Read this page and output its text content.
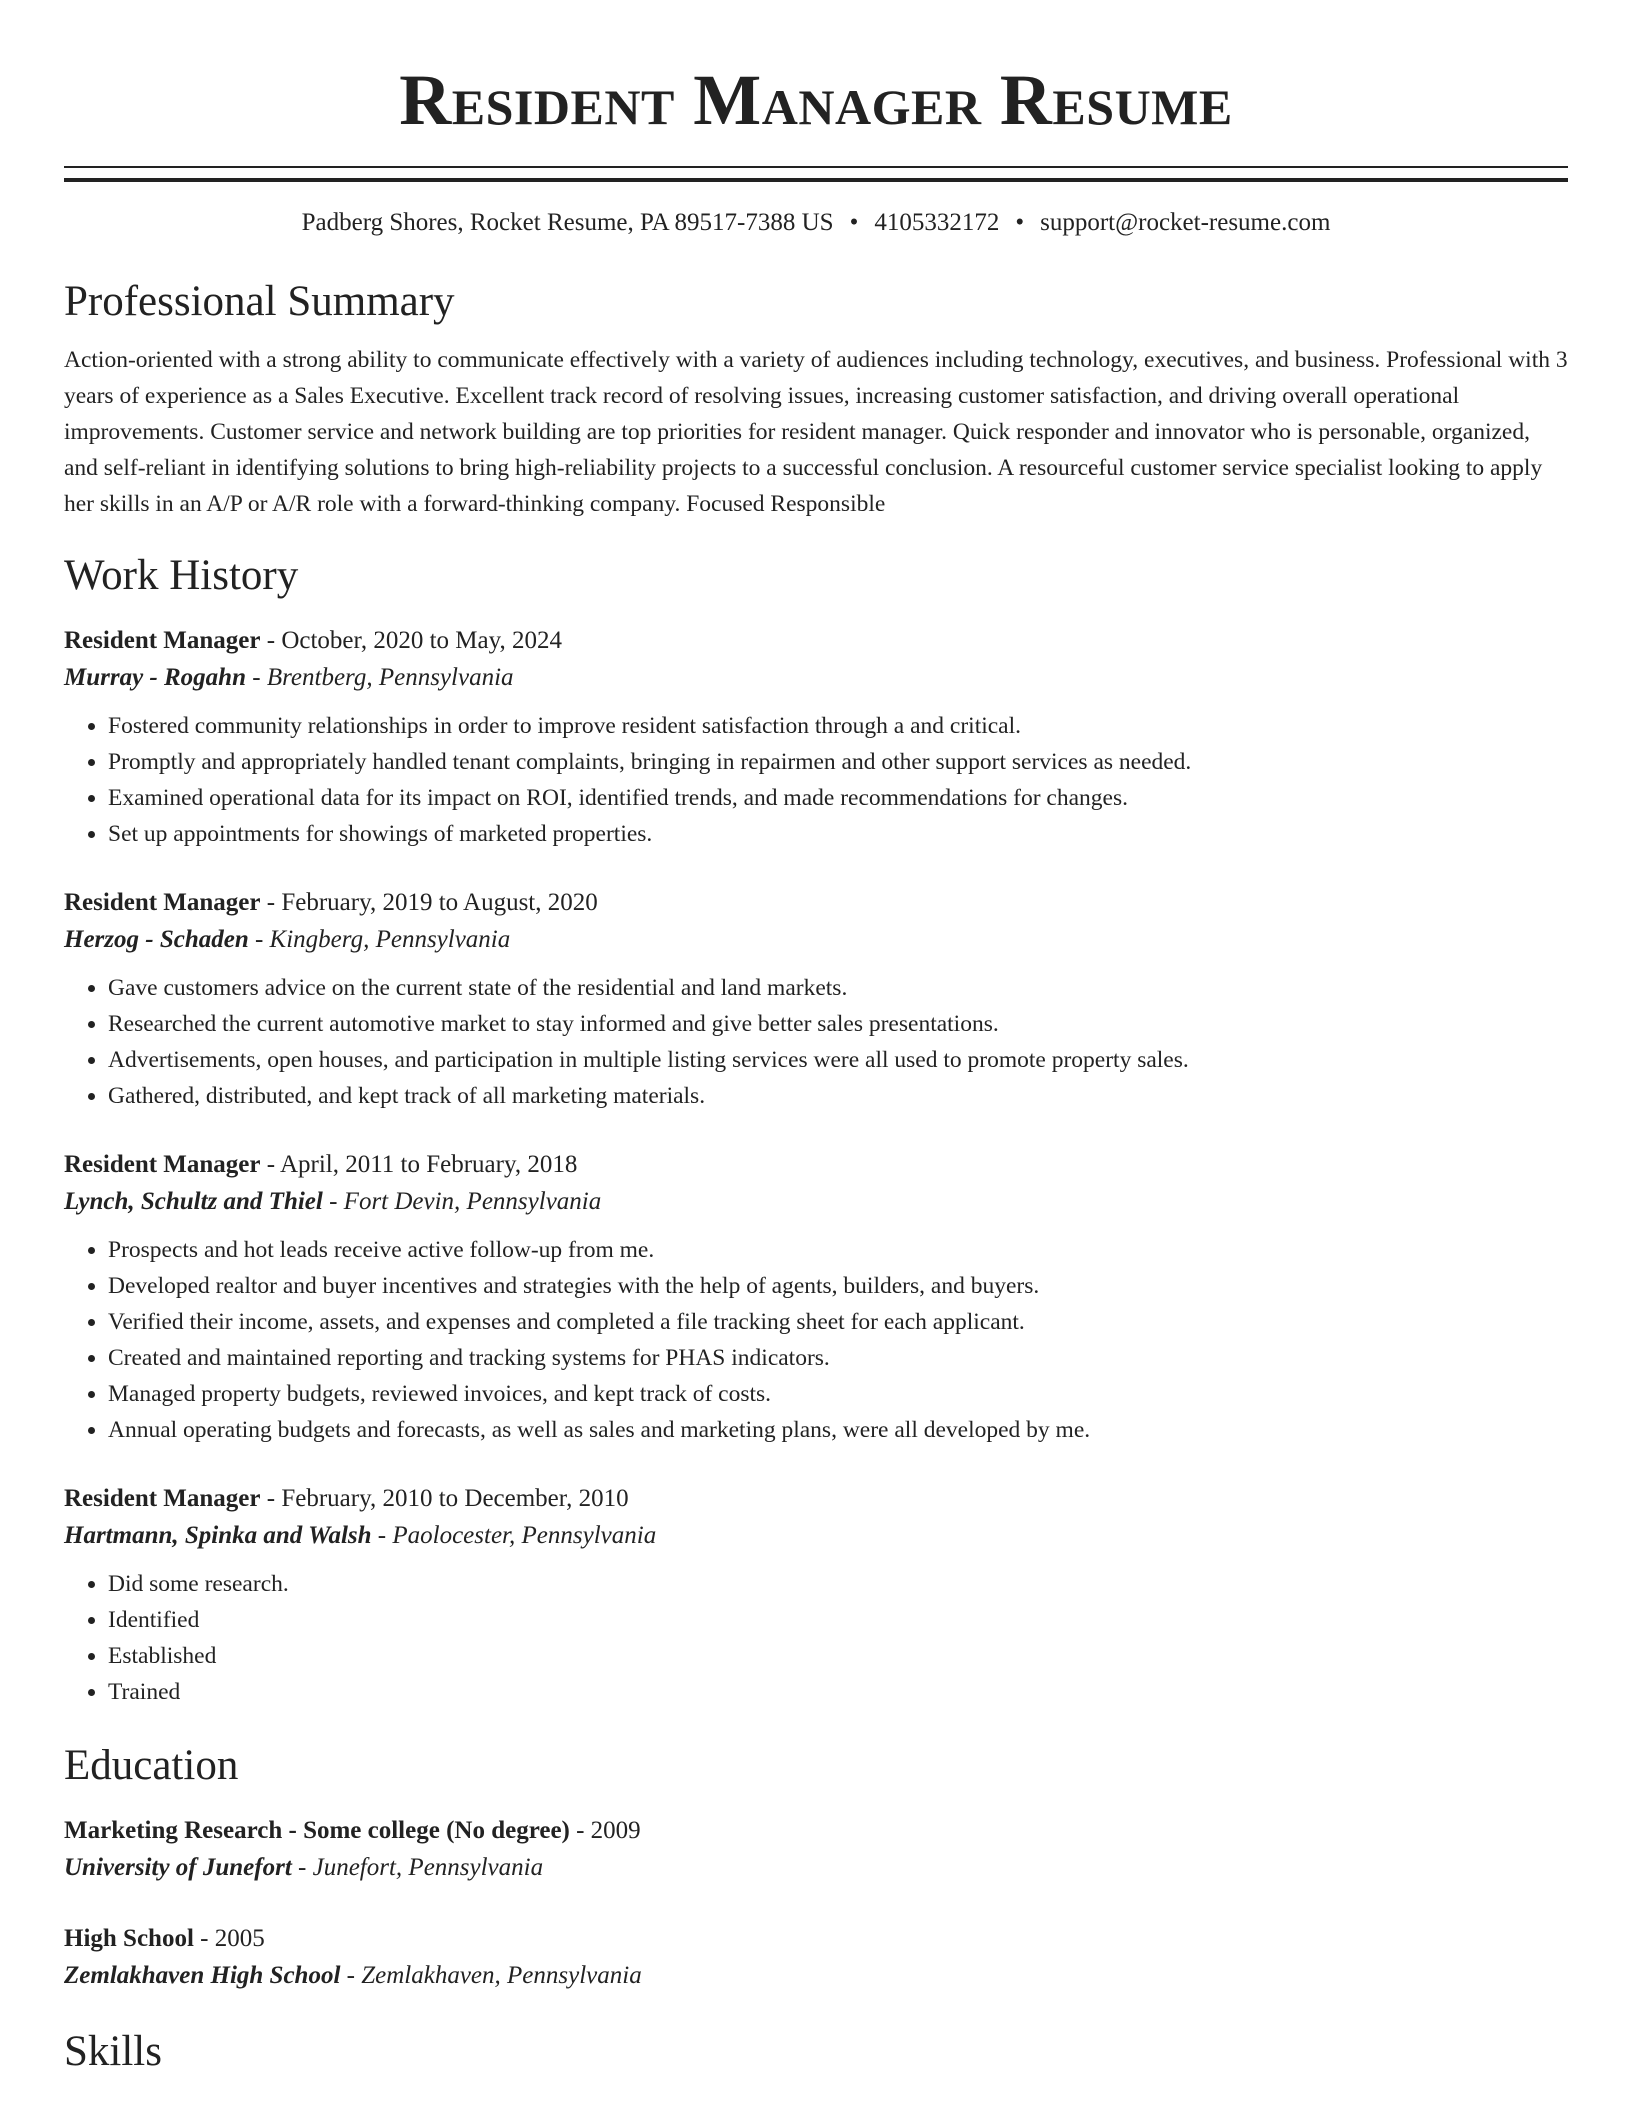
Resident Manager Resume
Padberg Shores, Rocket Resume, PA 89517-7388 US • 4105332172 • support@rocket-resume.com
Professional Summary

Action-oriented with a strong ability to communicate effectively with a variety of audiences including technology, executives, and business. Professional with 3 years of experience as a Sales Executive. Excellent track record of resolving issues, increasing customer satisfaction, and driving overall operational improvements. Customer service and network building are top priorities for resident manager. Quick responder and innovator who is personable, organized, and self-reliant in identifying solutions to bring high-reliability projects to a successful conclusion. A resourceful customer service specialist looking to apply her skills in an A/P or A/R role with a forward-thinking company. Focused Responsible

Work History
Resident Manager - October, 2020 to May, 2024
Murray - Rogahn - Brentberg, Pennsylvania
• Fostered community relationships in order to improve resident satisfaction through a and critical.
• Promptly and appropriately handled tenant complaints, bringing in repairmen and other support services as needed.
• Examined operational data for its impact on ROI, identified trends, and made recommendations for changes.
• Set up appointments for showings of marketed properties.
Resident Manager - February, 2019 to August, 2020
Herzog - Schaden - Kingberg, Pennsylvania
• Gave customers advice on the current state of the residential and land markets.
• Researched the current automotive market to stay informed and give better sales presentations.
• Advertisements, open houses, and participation in multiple listing services were all used to promote property sales.
• Gathered, distributed, and kept track of all marketing materials.
Resident Manager - April, 2011 to February, 2018
Lynch, Schultz and Thiel - Fort Devin, Pennsylvania
• Prospects and hot leads receive active follow-up from me.
• Developed realtor and buyer incentives and strategies with the help of agents, builders, and buyers.
• Verified their income, assets, and expenses and completed a file tracking sheet for each applicant.
• Created and maintained reporting and tracking systems for PHAS indicators.
• Managed property budgets, reviewed invoices, and kept track of costs.
• Annual operating budgets and forecasts, as well as sales and marketing plans, were all developed by me.
Resident Manager - February, 2010 to December, 2010
Hartmann, Spinka and Walsh - Paolocester, Pennsylvania
• Did some research.
• Identified
• Established
• Trained
Education
Marketing Research - Some college (No degree) - 2009
University of Junefort - Junefort, Pennsylvania
High School - 2005
Zemlakhaven High School - Zemlakhaven, Pennsylvania
Skills
